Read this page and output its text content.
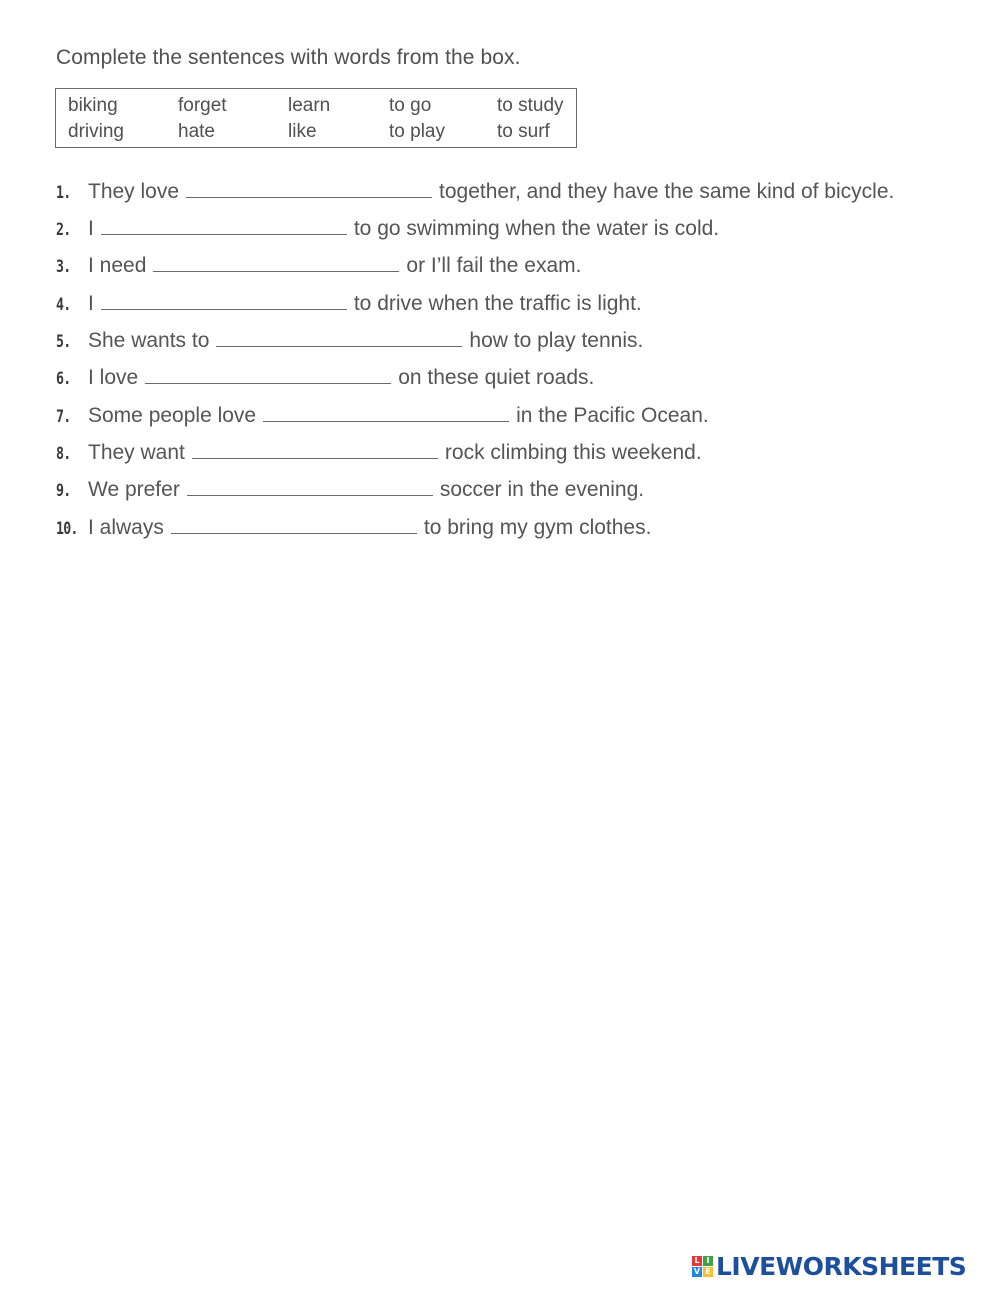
Complete the sentences with words from the box.
biking	forget	learn	to go	to study
driving	hate	like	to play	to surf
1. They love	together, and they have the same kind of bicycle.
2. I	to go swimming when the water is cold.
3. I need	or I’ll fail the exam.
4. I	to drive when the traffic is light.
5. She wants to	how to play tennis.
6. I love	on these quiet roads.
7. Some people love	in the Pacific Ocean.
8. They want	rock climbing this weekend.
9. We prefer	soccer in the evening.
10. I always	to bring my gym clothes.
L I
V E LIVEWORKSHEETS
